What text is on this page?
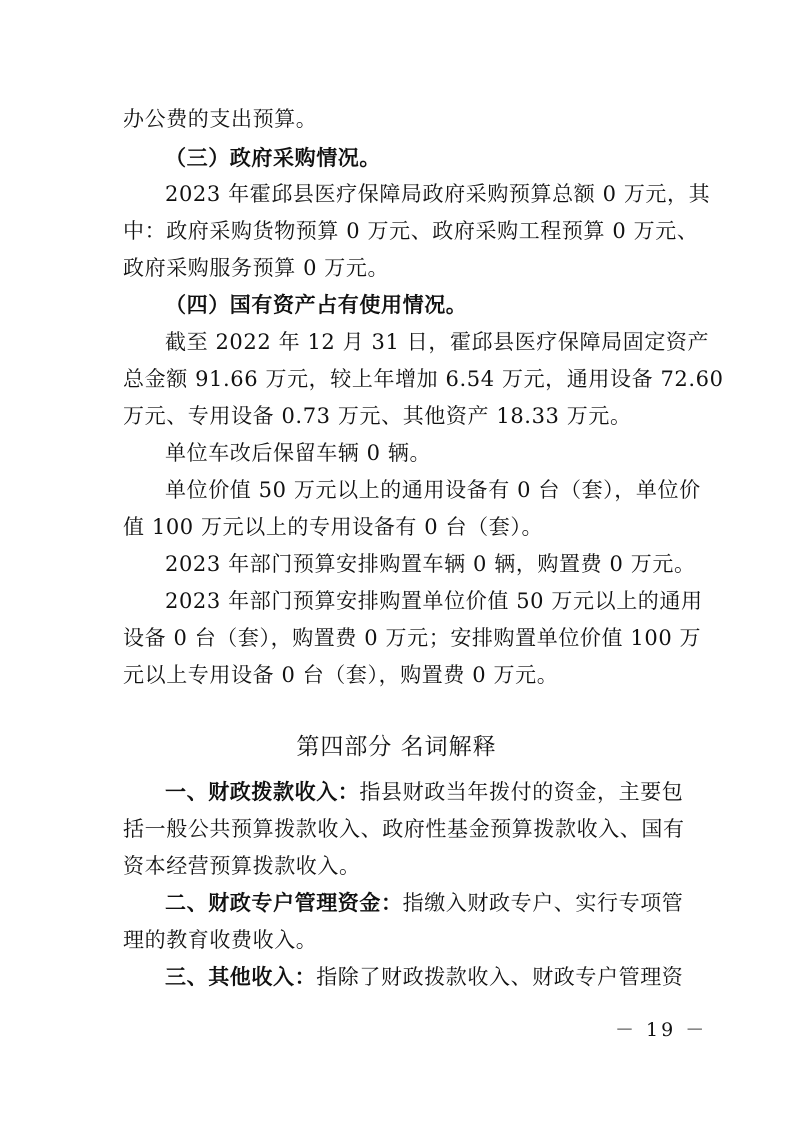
办公费的支出预算。
（三）政府采购情况。
2023 年霍邱县医疗保障局政府采购预算总额 0 万元，其
中：政府采购货物预算 0 万元、政府采购工程预算 0 万元、
政府采购服务预算 0 万元。
（四）国有资产占有使用情况。
截至 2022 年 12 月 31 日，霍邱县医疗保障局固定资产
总金额 91.66 万元，较上年增加 6.54 万元，通用设备 72.60
万元、专用设备 0.73 万元、其他资产 18.33 万元。
单位车改后保留车辆 0 辆。
单位价值 50 万元以上的通用设备有 0 台（套），单位价
值 100 万元以上的专用设备有 0 台（套）。
2023 年部门预算安排购置车辆 0 辆，购置费 0 万元。
2023 年部门预算安排购置单位价值 50 万元以上的通用
设备 0 台（套），购置费 0 万元；安排购置单位价值 100 万
元以上专用设备 0 台（套），购置费 0 万元。
第四部分 名词解释
一、财政拨款收入：指县财政当年拨付的资金，主要包
括一般公共预算拨款收入、政府性基金预算拨款收入、国有
资本经营预算拨款收入。
二、财政专户管理资金：指缴入财政专户、实行专项管
理的教育收费收入。
三、其他收入：指除了财政拨款收入、财政专户管理资
－ 19 －
